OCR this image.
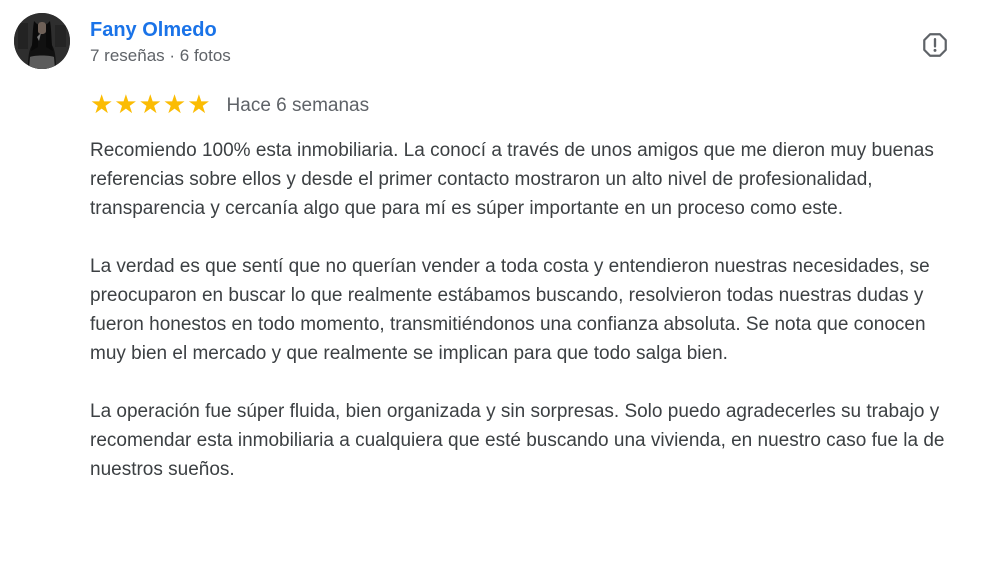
Fany Olmedo
7 reseñas · 6 fotos
★★★★★ Hace 6 semanas

Recomiendo 100% esta inmobiliaria. La conocí a través de unos amigos que me dieron muy buenas referencias sobre ellos y desde el primer contacto mostraron un alto nivel de profesionalidad, transparencia y cercanía algo que para mí es súper importante en un proceso como este.

La verdad es que sentí que no querían vender a toda costa y entendieron nuestras necesidades, se preocuparon en buscar lo que realmente estábamos buscando, resolvieron todas nuestras dudas y fueron honestos en todo momento, transmitiéndonos una confianza absoluta. Se nota que conocen muy bien el mercado y que realmente se implican para que todo salga bien.

La operación fue súper fluida, bien organizada y sin sorpresas. Solo puedo agradecerles su trabajo y recomendar esta inmobiliaria a cualquiera que esté buscando una vivienda, en nuestro caso fue la de nuestros sueños.
